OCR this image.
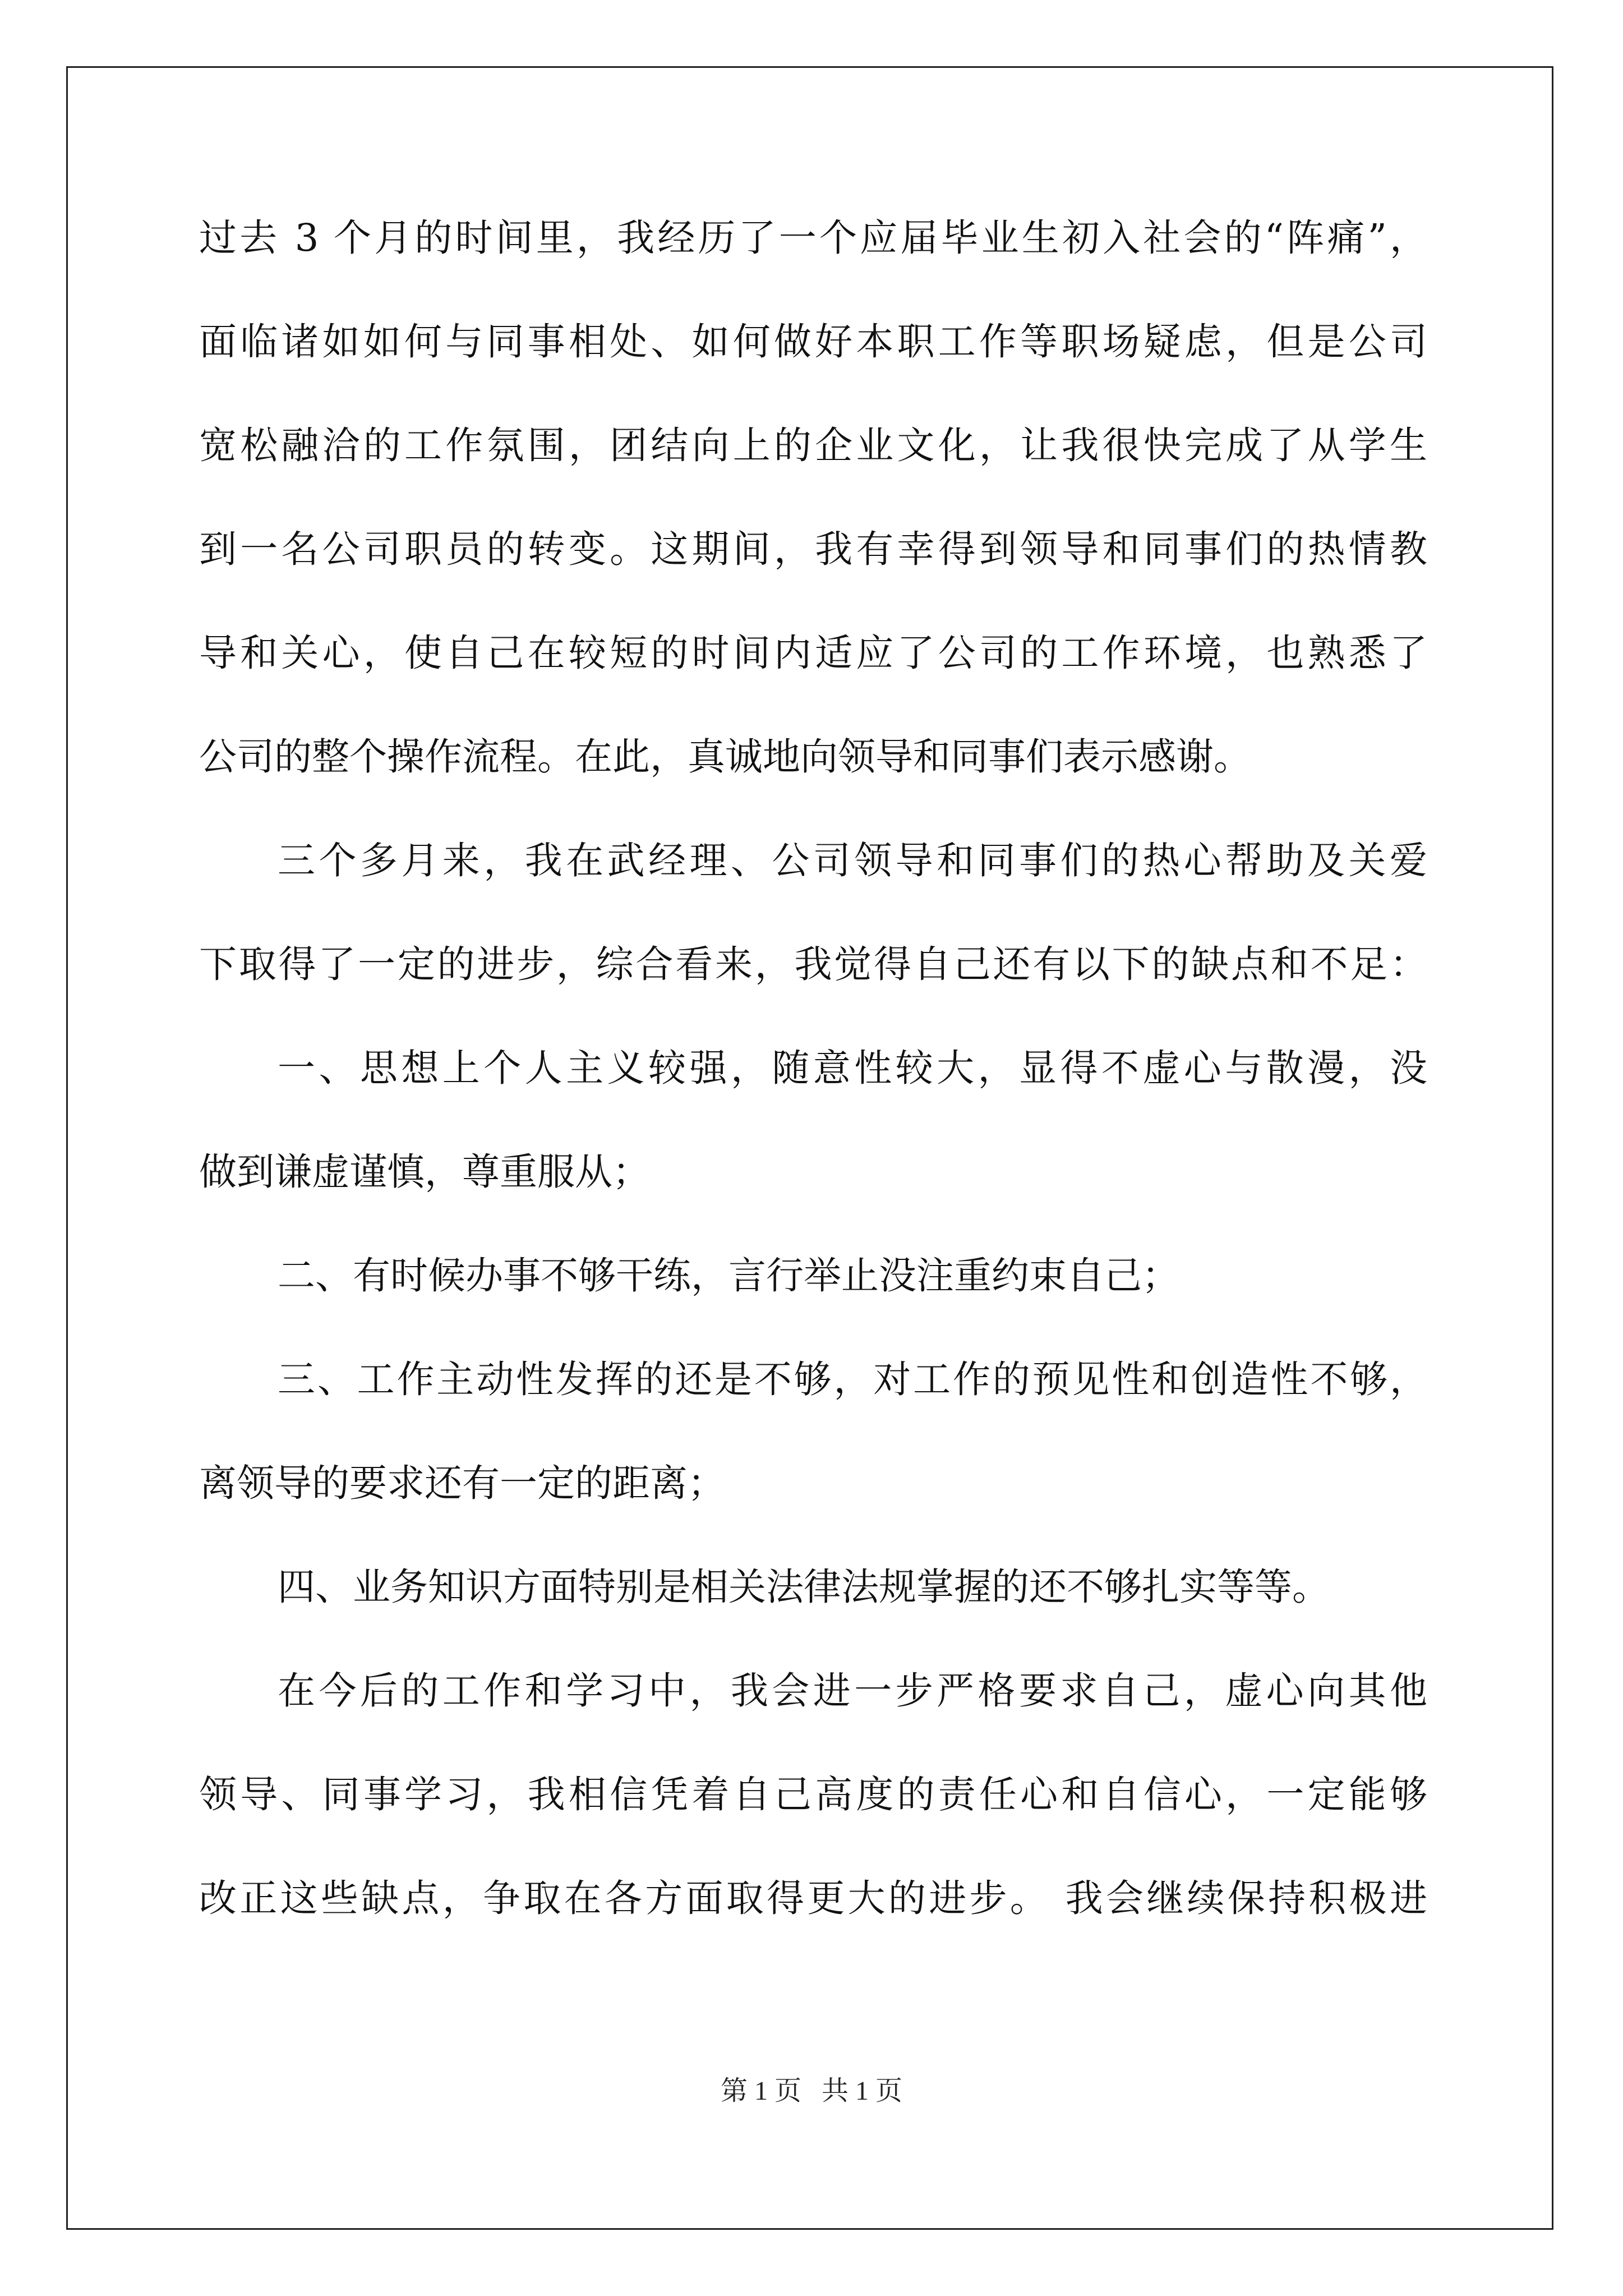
过去 3 个月的时间里，我经历了一个应届毕业生初入社会的“阵痛”，
面临诸如如何与同事相处、如何做好本职工作等职场疑虑，但是公司
宽松融洽的工作氛围，团结向上的企业文化，让我很快完成了从学生
到一名公司职员的转变。这期间，我有幸得到领导和同事们的热情教
导和关心，使自己在较短的时间内适应了公司的工作环境，也熟悉了
公司的整个操作流程。在此，真诚地向领导和同事们表示感谢。
三个多月来，我在武经理、公司领导和同事们的热心帮助及关爱
下取得了一定的进步，综合看来，我觉得自己还有以下的缺点和不足：
一、思想上个人主义较强，随意性较大，显得不虚心与散漫，没
做到谦虚谨慎，尊重服从；
二、有时候办事不够干练，言行举止没注重约束自己；
三、工作主动性发挥的还是不够，对工作的预见性和创造性不够，
离领导的要求还有一定的距离；
四、业务知识方面特别是相关法律法规掌握的还不够扎实等等。
在今后的工作和学习中，我会进一步严格要求自己，虚心向其他
领导、同事学习，我相信凭着自己高度的责任心和自信心，一定能够
改正这些缺点，争取在各方面取得更大的进步。 我会继续保持积极进
第 1 页   共 1 页
